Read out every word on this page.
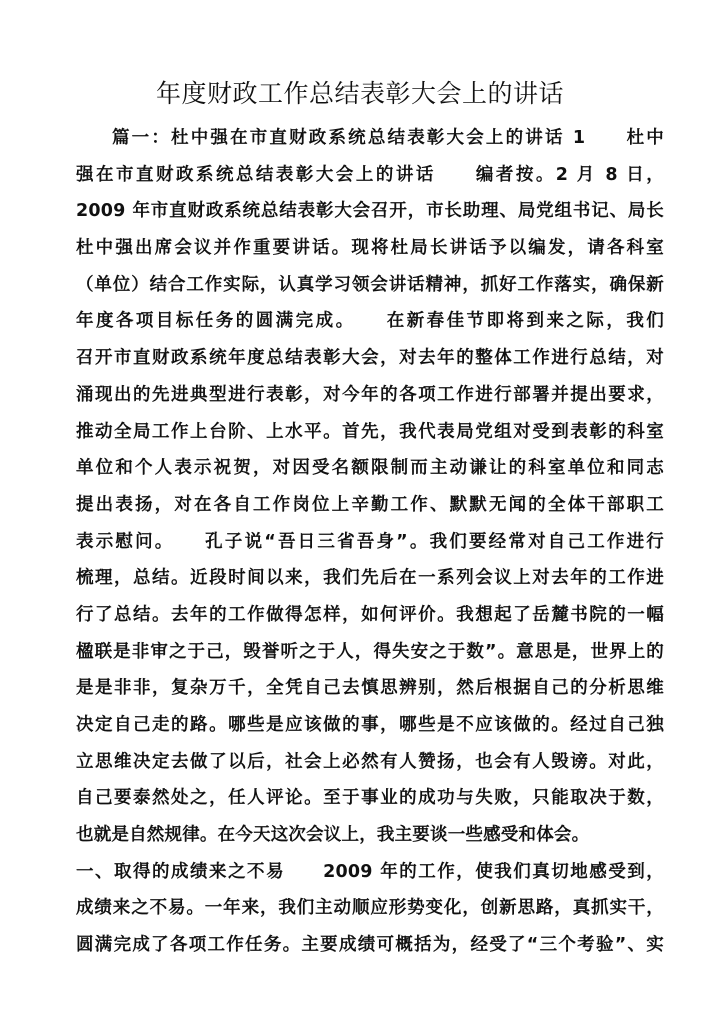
年度财政工作总结表彰大会上的讲话
篇一：杜中强在市直财政系统总结表彰大会上的讲话 1　　杜中
强在市直财政系统总结表彰大会上的讲话　　编者按。2 月 8 日，
2009 年市直财政系统总结表彰大会召开，市长助理、局党组书记、局长
杜中强出席会议并作重要讲话。现将杜局长讲话予以编发，请各科室
（单位）结合工作实际，认真学习领会讲话精神，抓好工作落实，确保新
年度各项目标任务的圆满完成。　　在新春佳节即将到来之际，我们
召开市直财政系统年度总结表彰大会，对去年的整体工作进行总结，对
涌现出的先进典型进行表彰，对今年的各项工作进行部署并提出要求，
推动全局工作上台阶、上水平。首先，我代表局党组对受到表彰的科室
单位和个人表示祝贺，对因受名额限制而主动谦让的科室单位和同志
提出表扬，对在各自工作岗位上辛勤工作、默默无闻的全体干部职工
表示慰问。　　孔子说“吾日三省吾身”。我们要经常对自己工作进行
梳理，总结。近段时间以来，我们先后在一系列会议上对去年的工作进
行了总结。去年的工作做得怎样，如何评价。我想起了岳麓书院的一幅
楹联是非审之于己，毁誉听之于人，得失安之于数”。意思是，世界上的
是是非非，复杂万千，全凭自己去慎思辨别，然后根据自己的分析思维
决定自己走的路。哪些是应该做的事，哪些是不应该做的。经过自己独
立思维决定去做了以后，社会上必然有人赞扬，也会有人毁谤。对此，
自己要泰然处之，任人评论。至于事业的成功与失败，只能取决于数，
也就是自然规律。在今天这次会议上，我主要谈一些感受和体会。
一、取得的成绩来之不易　　2009 年的工作，使我们真切地感受到，
成绩来之不易。一年来，我们主动顺应形势变化，创新思路，真抓实干，
圆满完成了各项工作任务。主要成绩可概括为，经受了“三个考验”、实
